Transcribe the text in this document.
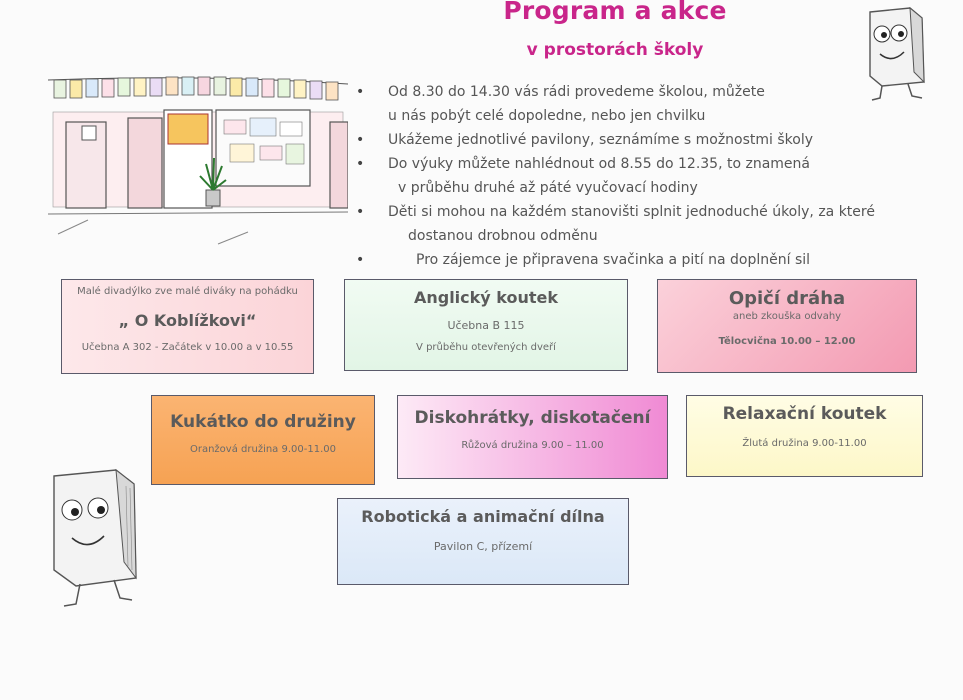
Program a akce
v prostorách školy
• Od 8.30 do 14.30 vás rádi provedeme školou, můžete
u nás pobýt celé dopoledne, nebo jen chvilku
• Ukážeme jednotlivé pavilony, seznámíme s možnostmi školy
• Do výuky můžete nahlédnout od 8.55 do 12.35, to znamená
v průběhu druhé až páté vyučovací hodiny
• Děti si mohou na každém stanovišti splnit jednoduché úkoly, za které
dostanou drobnou odměnu
• Pro zájemce je připravena svačinka a pití na doplnění sil
Malé divadýlko zve malé diváky na pohádku
„ O Koblížkovi“
Učebna A 302 - Začátek v 10.00 a v 10.55
Anglický koutek
Učebna B 115
V průběhu otevřených dveří
Opičí dráha
aneb zkouška odvahy
Tělocvična 10.00 – 12.00
Kukátko do družiny
Oranžová družina 9.00-11.00
Diskohrátky, diskotačení
Růžová družina 9.00 – 11.00
Relaxační koutek
Žlutá družina 9.00-11.00
Robotická a animační dílna
Pavilon C, přízemí
